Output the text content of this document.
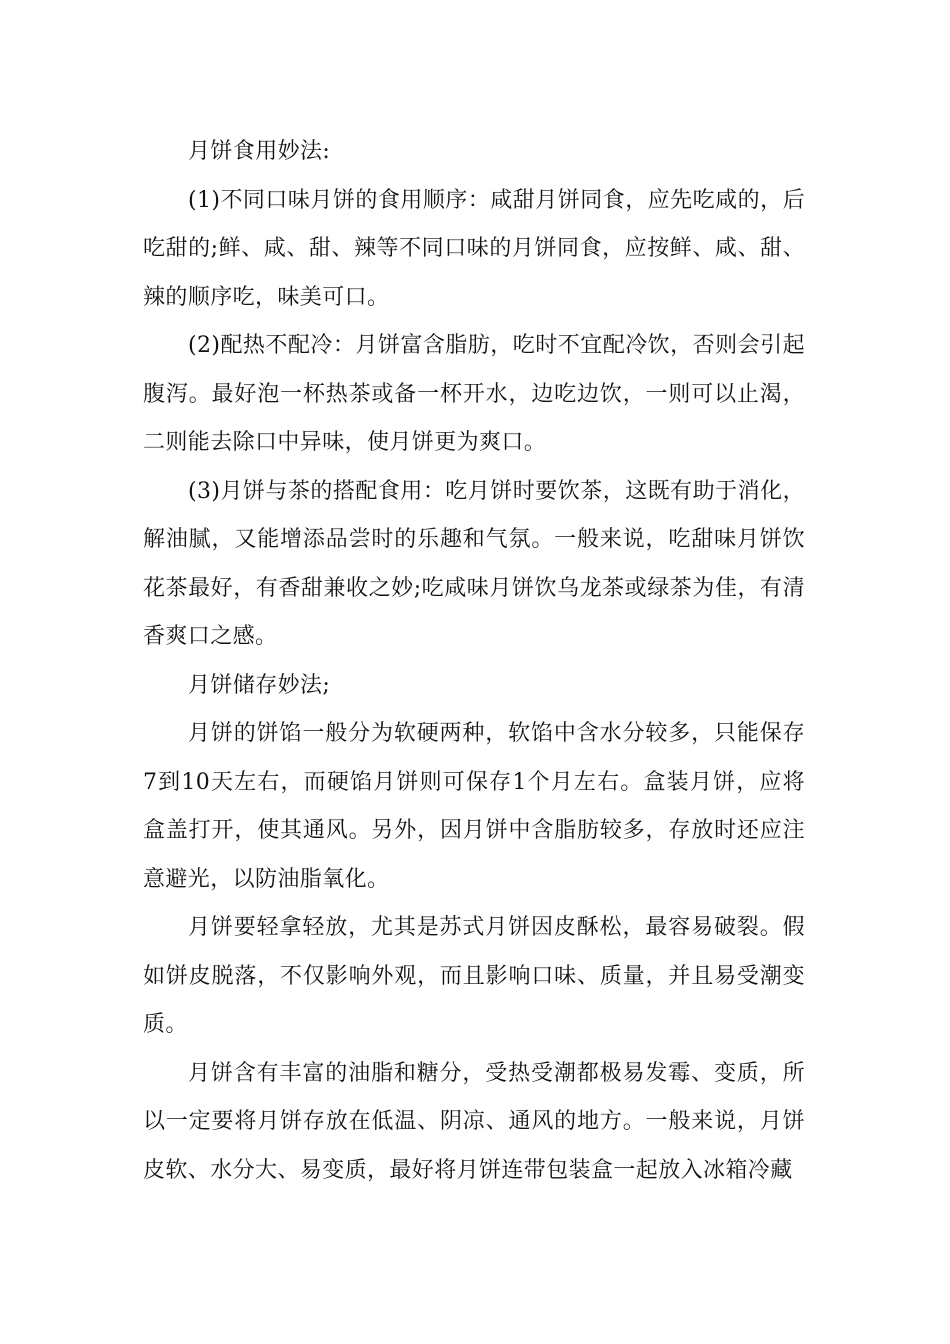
月饼食用妙法:

(1)不同口味月饼的食用顺序：咸甜月饼同食，应先吃咸的，后吃甜的;鲜、咸、甜、辣等不同口味的月饼同食，应按鲜、咸、甜、辣的顺序吃，味美可口。

(2)配热不配冷：月饼富含脂肪，吃时不宜配冷饮，否则会引起腹泻。最好泡一杯热茶或备一杯开水，边吃边饮，一则可以止渴，二则能去除口中异味，使月饼更为爽口。

(3)月饼与茶的搭配食用：吃月饼时要饮茶，这既有助于消化，解油腻，又能增添品尝时的乐趣和气氛。一般来说，吃甜味月饼饮花茶最好，有香甜兼收之妙;吃咸味月饼饮乌龙茶或绿茶为佳，有清香爽口之感。

月饼储存妙法;

月饼的饼馅一般分为软硬两种，软馅中含水分较多，只能保存7到10天左右，而硬馅月饼则可保存1个月左右。盒装月饼，应将盒盖打开，使其通风。另外，因月饼中含脂肪较多，存放时还应注意避光，以防油脂氧化。

月饼要轻拿轻放，尤其是苏式月饼因皮酥松，最容易破裂。假如饼皮脱落，不仅影响外观，而且影响口味、质量，并且易受潮变质。

月饼含有丰富的油脂和糖分，受热受潮都极易发霉、变质，所以一定要将月饼存放在低温、阴凉、通风的地方。一般来说，月饼皮软、水分大、易变质，最好将月饼连带包装盒一起放入冰箱冷藏
